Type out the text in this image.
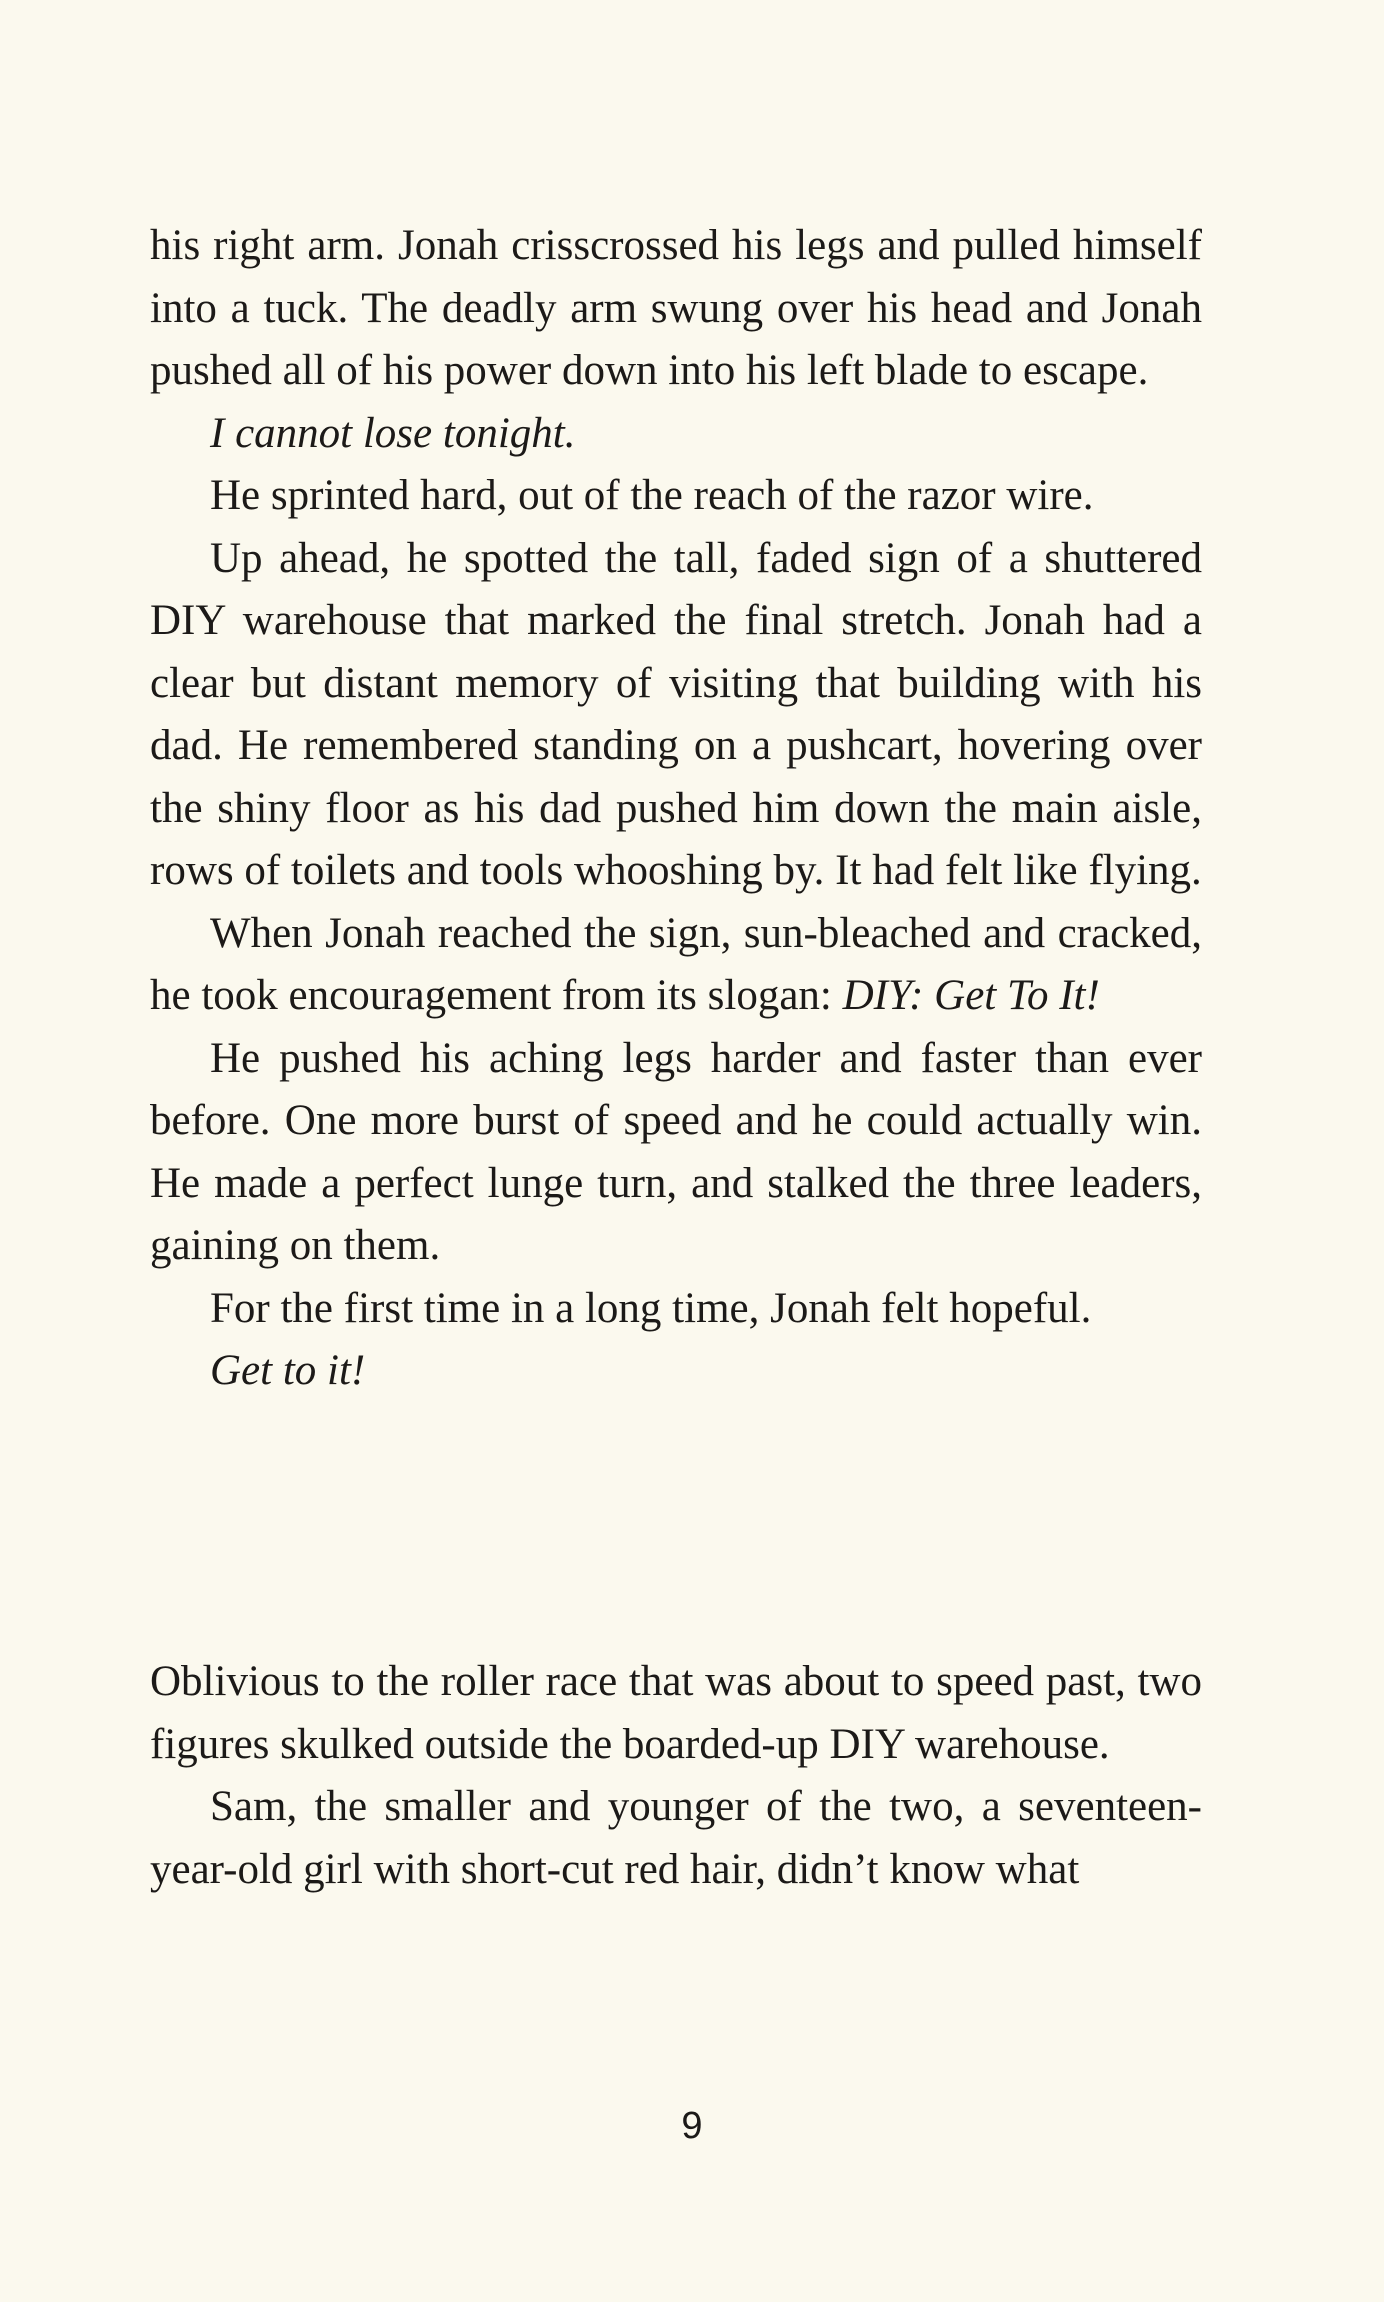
his right arm. Jonah crisscrossed his legs and pulled himself into a tuck. The deadly arm swung over his head and Jonah pushed all of his power down into his left blade to escape.

I cannot lose tonight.

He sprinted hard, out of the reach of the razor wire.

Up ahead, he spotted the tall, faded sign of a shuttered DIY warehouse that marked the final stretch. Jonah had a clear but distant memory of visiting that building with his dad. He remembered standing on a pushcart, hovering over the shiny floor as his dad pushed him down the main aisle, rows of toilets and tools whooshing by. It had felt like flying.

When Jonah reached the sign, sun-bleached and cracked, he took encouragement from its slogan: DIY: Get To It!

He pushed his aching legs harder and faster than ever before. One more burst of speed and he could actually win. He made a perfect lunge turn, and stalked the three leaders, gaining on them.

For the first time in a long time, Jonah felt hopeful.

Get to it!

Oblivious to the roller race that was about to speed past, two figures skulked outside the boarded-up DIY warehouse.

Sam, the smaller and younger of the two, a seventeen-year-old girl with short-cut red hair, didn’t know what

9
